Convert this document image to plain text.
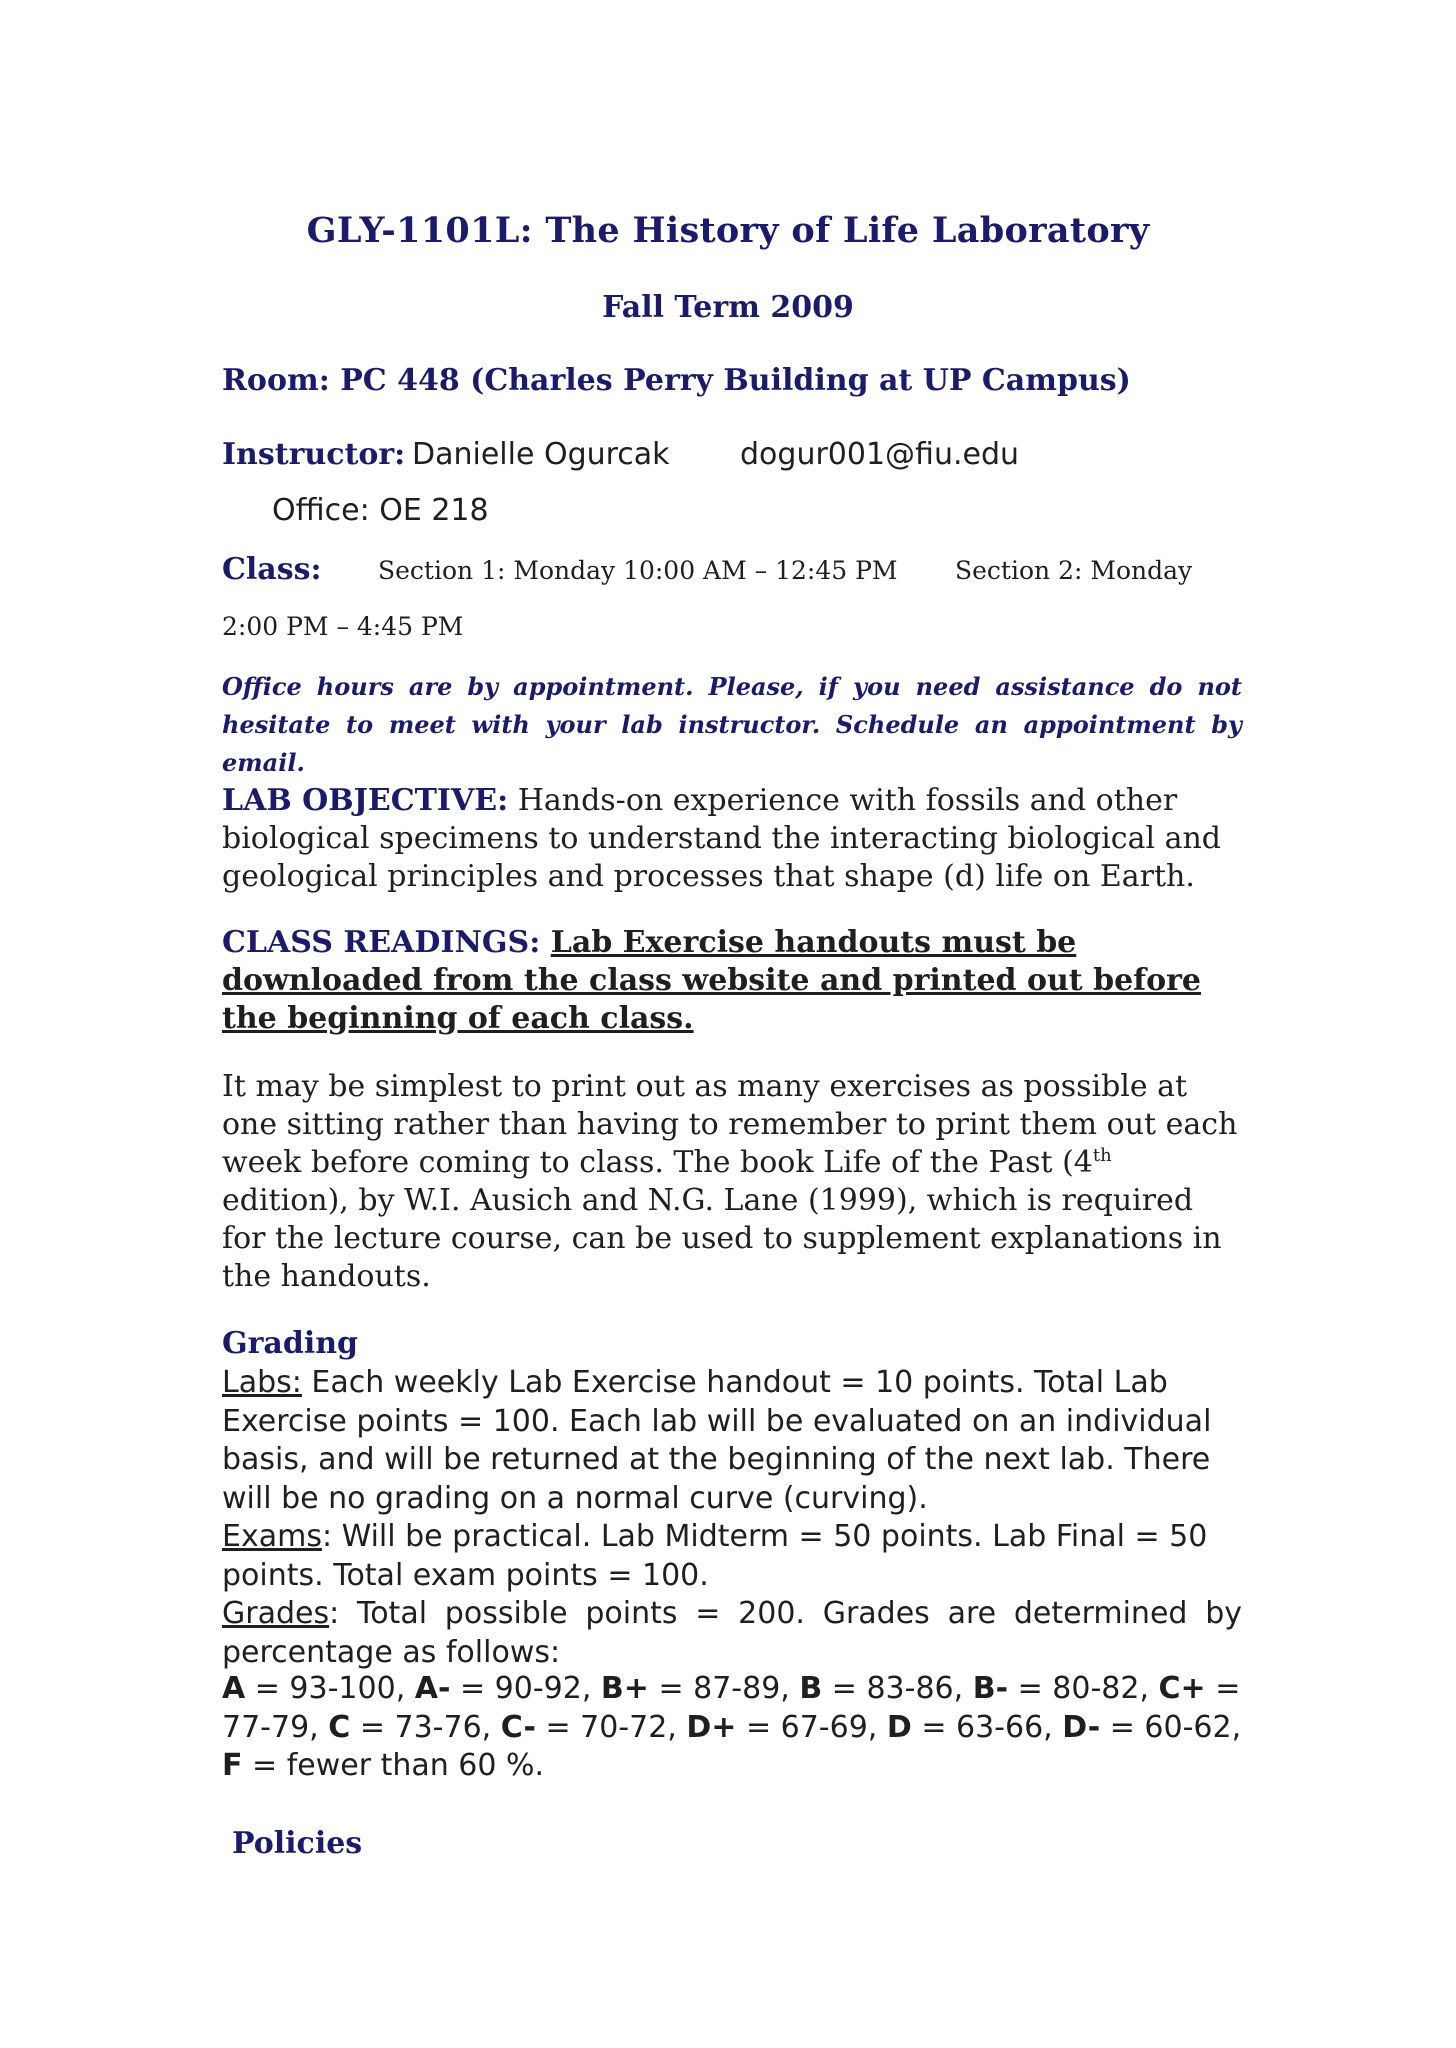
GLY-1101L: The History of Life Laboratory
Fall Term 2009
Room: PC 448 (Charles Perry Building at UP Campus)
Instructor: Danielle Ogurcak dogur001@fiu.edu
Office: OE 218
Class: Section 1: Monday 10:00 AM – 12:45 PM Section 2: Monday
2:00 PM – 4:45 PM
Office hours are by appointment. Please, if you need assistance do not hesitate to meet with your lab instructor. Schedule an appointment by email.
LAB OBJECTIVE: Hands-on experience with fossils and other biological specimens to understand the interacting biological and geological principles and processes that shape (d) life on Earth.
CLASS READINGS: Lab Exercise handouts must be downloaded from the class website and printed out before the beginning of each class.
It may be simplest to print out as many exercises as possible at one sitting rather than having to remember to print them out each week before coming to class. The book Life of the Past (4th edition), by W.I. Ausich and N.G. Lane (1999), which is required for the lecture course, can be used to supplement explanations in the handouts.
Grading
Labs: Each weekly Lab Exercise handout = 10 points. Total Lab Exercise points = 100. Each lab will be evaluated on an individual basis, and will be returned at the beginning of the next lab. There will be no grading on a normal curve (curving).
Exams: Will be practical. Lab Midterm = 50 points. Lab Final = 50 points. Total exam points = 100.
Grades: Total possible points = 200. Grades are determined by percentage as follows:
A = 93-100, A- = 90-92, B+ = 87-89, B = 83-86, B- = 80-82, C+ = 77-79, C = 73-76, C- = 70-72, D+ = 67-69, D = 63-66, D- = 60-62, F = fewer than 60 %.
Policies
